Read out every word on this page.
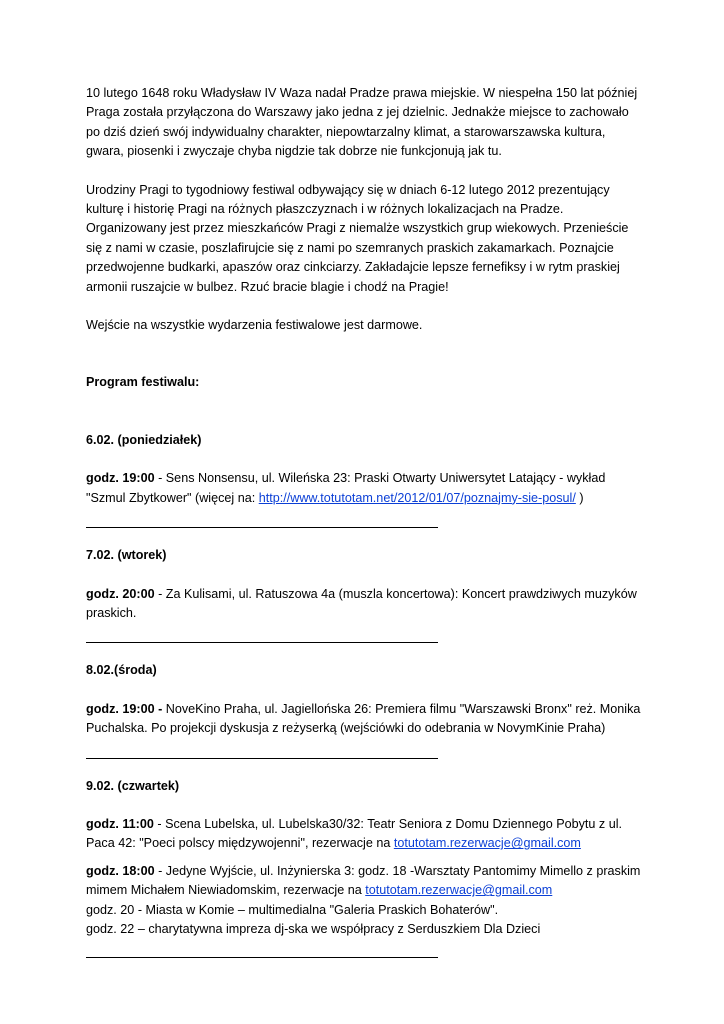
10 lutego 1648 roku Władysław IV Waza nadał Pradze prawa miejskie. W niespełna 150 lat później Praga została przyłączona do Warszawy jako jedna z jej dzielnic. Jednakże miejsce to zachowało po dziś dzień swój indywidualny charakter, niepowtarzalny klimat, a starowarszawska kultura, gwara, piosenki i zwyczaje chyba nigdzie tak dobrze nie funkcjonują jak tu.

Urodziny Pragi to tygodniowy festiwal odbywający się w dniach 6-12 lutego 2012 prezentujący kulturę i historię Pragi na różnych płaszczyznach i w różnych lokalizacjach na Pradze. Organizowany jest przez mieszkańców Pragi z niemalże wszystkich grup wiekowych. Przenieście się z nami w czasie, poszlafirujcie się z nami po szemranych praskich zakamarkach. Poznajcie przedwojenne budkarki, apaszów oraz cinkciarzy. Zakładajcie lepsze fernefiksy i w rytm praskiej armonii ruszajcie w bulbez. Rzuć bracie blagie i chodź na Pragie!

Wejście na wszystkie wydarzenia festiwalowe jest darmowe.

Program festiwalu:

6.02. (poniedziałek)

godz. 19:00 - Sens Nonsensu, ul. Wileńska 23: Praski Otwarty Uniwersytet Latający - wykład "Szmul Zbytkower" (więcej na: http://www.totutotam.net/2012/01/07/poznajmy-sie-posul/ )

7.02. (wtorek)

godz. 20:00 - Za Kulisami, ul. Ratuszowa 4a (muszla koncertowa): Koncert prawdziwych muzyków praskich.

8.02.(środa)

godz. 19:00 - NoveKino Praha, ul. Jagiellońska 26: Premiera filmu "Warszawski Bronx" reż. Monika Puchalska. Po projekcji dyskusja z reżyserką (wejściówki do odebrania w NovymKinie Praha)

9.02. (czwartek)

godz. 11:00 - Scena Lubelska, ul. Lubelska30/32: Teatr Seniora z Domu Dziennego Pobytu z ul. Paca 42: "Poeci polscy międzywojenni", rezerwacje na totutotam.rezerwacje@gmail.com

godz. 18:00 - Jedyne Wyjście, ul. Inżynierska 3: godz. 18 -Warsztaty Pantomimy Mimello z praskim mimem Michałem Niewiadomskim, rezerwacje na totutotam.rezerwacje@gmail.com

godz. 20 - Miasta w Komie – multimedialna "Galeria Praskich Bohaterów".

godz. 22 – charytatywna impreza dj-ska we współpracy z Serduszkiem Dla Dzieci
